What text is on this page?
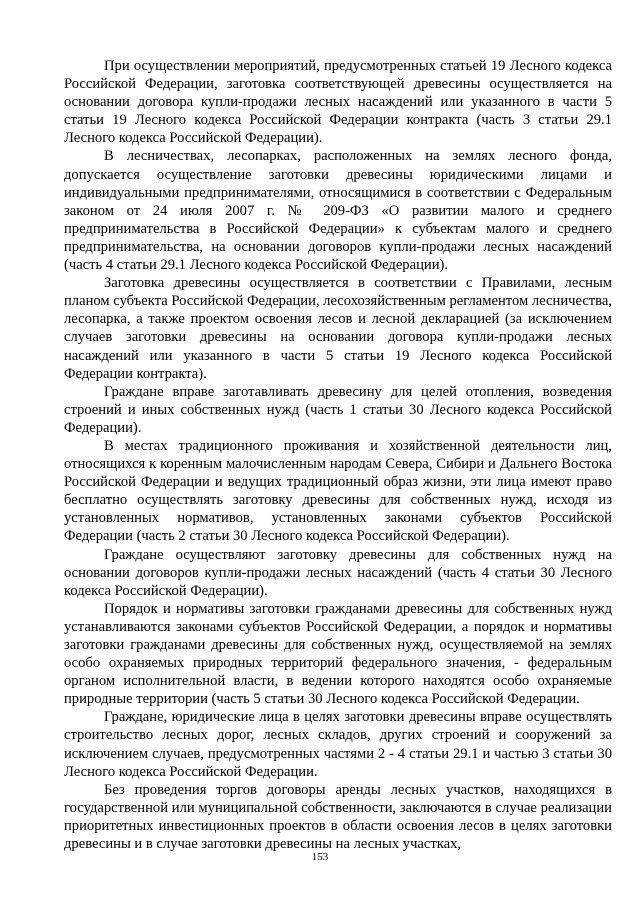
При осуществлении мероприятий, предусмотренных статьей 19 Лесного кодекса Российской Федерации, заготовка соответствующей древесины осуществляется на основании договора купли-продажи лесных насаждений или указанного в части 5 статьи 19 Лесного кодекса Российской Федерации контракта (часть 3 статьи 29.1 Лесного кодекса Российской Федерации).

В лесничествах, лесопарках, расположенных на землях лесного фонда, допускается осуществление заготовки древесины юридическими лицами и индивидуальными предпринимателями, относящимися в соответствии с Федеральным законом от 24 июля 2007 г. № 209-ФЗ «О развитии малого и среднего предпринимательства в Российской Федерации» к субъектам малого и среднего предпринимательства, на основании договоров купли-продажи лесных насаждений (часть 4 статьи 29.1 Лесного кодекса Российской Федерации).

Заготовка древесины осуществляется в соответствии с Правилами, лесным планом субъекта Российской Федерации, лесохозяйственным регламентом лесничества, лесопарка, а также проектом освоения лесов и лесной декларацией (за исключением случаев заготовки древесины на основании договора купли-продажи лесных насаждений или указанного в части 5 статьи 19 Лесного кодекса Российской Федерации контракта).

Граждане вправе заготавливать древесину для целей отопления, возведения строений и иных собственных нужд (часть 1 статьи 30 Лесного кодекса Российской Федерации).

В местах традиционного проживания и хозяйственной деятельности лиц, относящихся к коренным малочисленным народам Севера, Сибири и Дальнего Востока Российской Федерации и ведущих традиционный образ жизни, эти лица имеют право бесплатно осуществлять заготовку древесины для собственных нужд, исходя из установленных нормативов, установленных законами субъектов Российской Федерации (часть 2 статьи 30 Лесного кодекса Российской Федерации).

Граждане осуществляют заготовку древесины для собственных нужд на основании договоров купли-продажи лесных насаждений (часть 4 статьи 30 Лесного кодекса Российской Федерации).

Порядок и нормативы заготовки гражданами древесины для собственных нужд устанавливаются законами субъектов Российской Федерации, а порядок и нормативы заготовки гражданами древесины для собственных нужд, осуществляемой на землях особо охраняемых природных территорий федерального значения, - федеральным органом исполнительной власти, в ведении которого находятся особо охраняемые природные территории (часть 5 статьи 30 Лесного кодекса Российской Федерации.

Граждане, юридические лица в целях заготовки древесины вправе осуществлять строительство лесных дорог, лесных складов, других строений и сооружений за исключением случаев, предусмотренных частями 2 - 4 статьи 29.1 и частью 3 статьи 30 Лесного кодекса Российской Федерации.

Без проведения торгов договоры аренды лесных участков, находящихся в государственной или муниципальной собственности, заключаются в случае реализации приоритетных инвестиционных проектов в области освоения лесов в целях заготовки древесины и в случае заготовки древесины на лесных участках,

153
